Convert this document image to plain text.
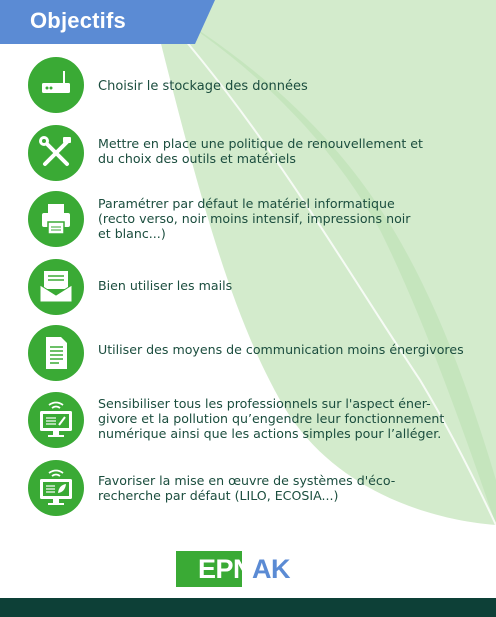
Objectifs
Choisir le stockage des données
Mettre en place une politique de renouvellement et
du choix des outils et matériels
Paramétrer par défaut le matériel informatique
(recto verso, noir moins intensif, impressions noir
et blanc...)
Bien utiliser les mails
Utiliser des moyens de communication moins énergivores
Sensibiliser tous les professionnels sur l'aspect éner-
givore et la pollution qu’engendre leur fonctionnement
numérique ainsi que les actions simples pour l’alléger.
Favoriser la mise en œuvre de systèmes d'éco-
recherche par défaut (LILO, ECOSIA...)
EPNAK
